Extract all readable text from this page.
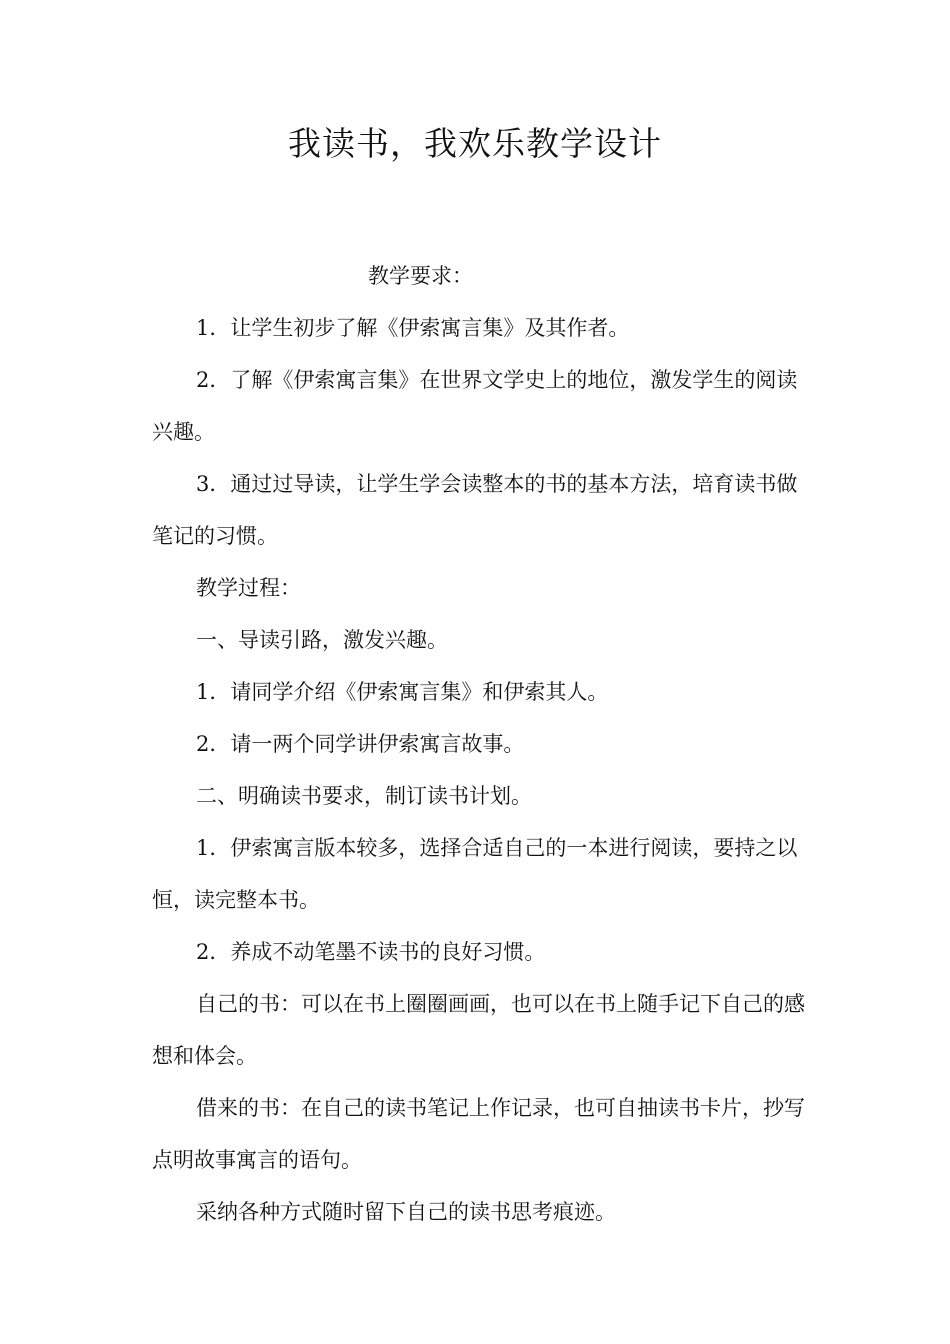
我读书，我欢乐教学设计

教学要求：

1．让学生初步了解《伊索寓言集》及其作者。

2．了解《伊索寓言集》在世界文学史上的地位，激发学生的阅读兴趣。

3．通过过导读，让学生学会读整本的书的基本方法，培育读书做笔记的习惯。

教学过程：

一、导读引路，激发兴趣。

1．请同学介绍《伊索寓言集》和伊索其人。

2．请一两个同学讲伊索寓言故事。

二、明确读书要求，制订读书计划。

1．伊索寓言版本较多，选择合适自己的一本进行阅读，要持之以恒，读完整本书。

2．养成不动笔墨不读书的良好习惯。

自己的书：可以在书上圈圈画画，也可以在书上随手记下自己的感想和体会。

借来的书：在自己的读书笔记上作记录，也可自抽读书卡片，抄写点明故事寓言的语句。

采纳各种方式随时留下自己的读书思考痕迹。
